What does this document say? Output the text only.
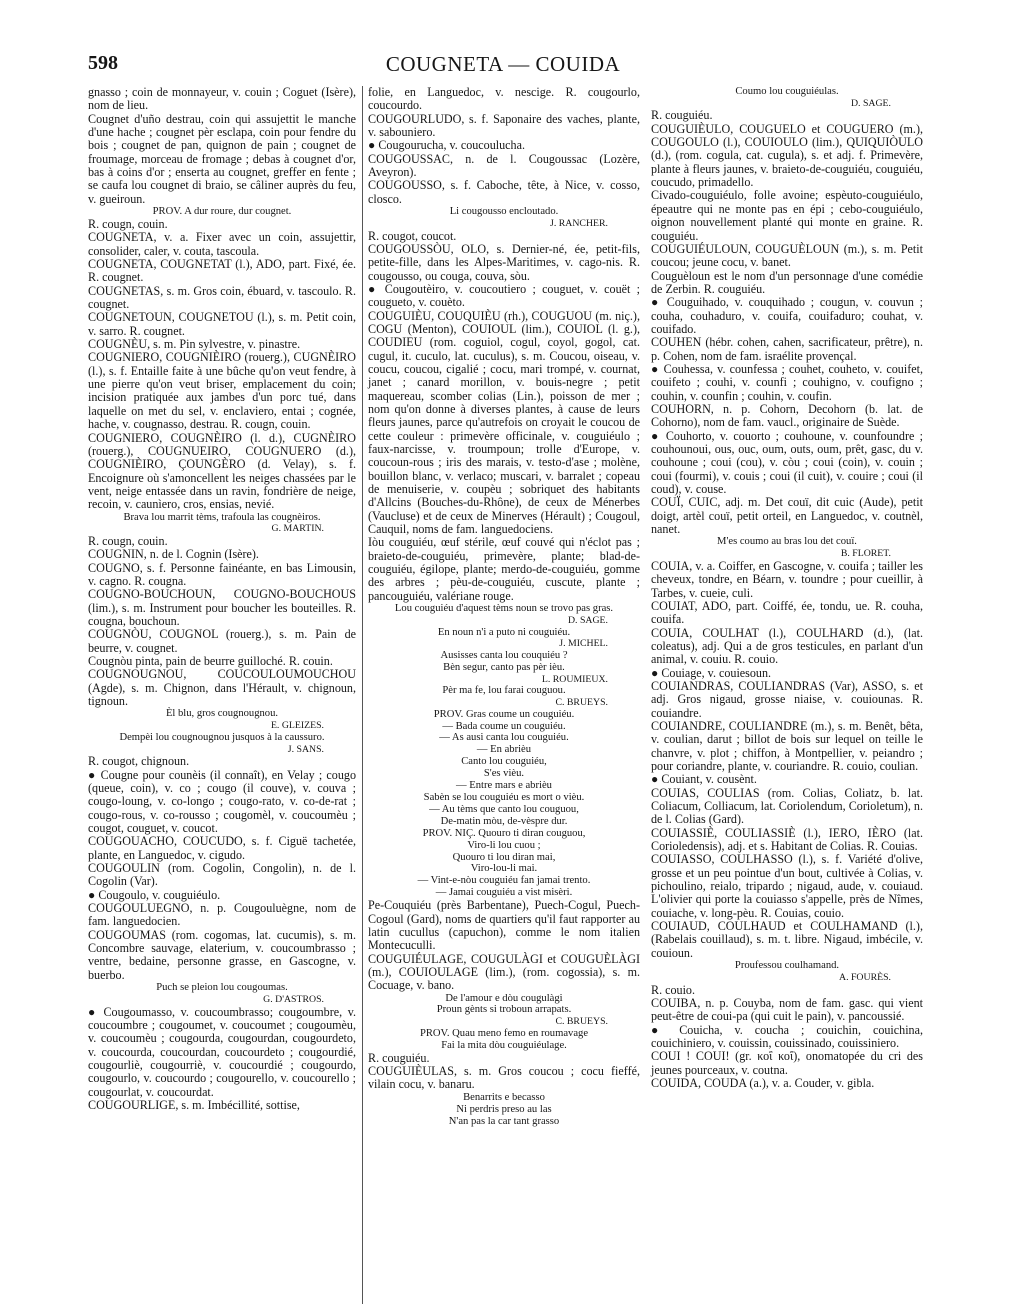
598	COUGNETA — COUIDA
gnasso ; coin de monnayeur, v. couin ; Coguet (Isère), nom de lieu.
Cougnet d'uño destrau, coin qui assujettit le manche d'une hache ; cougnet pèr esclapa, coin pour fendre du bois ; cougnet de pan, quignon de pain ; cougnet de froumage, morceau de fromage ; debas à cougnet d'or, bas à coins d'or ; enserta au cougnet, greffer en fente ; se caufa lou cougnet di braio, se câliner auprès du feu, v. gueiroun.
PROV. A dur roure, dur cougnet.
R. cougn, couin.
COUGNETA, v. a. Fixer avec un coin, assujettir, consolider, caler, v. couta, tascoula.
COUGNETA, COUGNETAT (l.), ADO, part. Fixé, ée. R. cougnet.
COUGNETAS, s. m. Gros coin, ébuard, v. tascoulo. R. cougnet.
COUGNETOUN, COUGNETOU (l.), s. m. Petit coin, v. sarro. R. cougnet.
COUGNÈU, s. m. Pin sylvestre, v. pinastre.
COUGNIERO, COUGNIÈIRO (rouerg.), CUGNÈIRO (l.), s. f. Entaille faite à une bûche qu'on veut fendre, à une pierre qu'on veut briser, emplacement du coin; incision pratiquée aux jambes d'un porc tué, dans laquelle on met du sel, v. enclaviero, entai ; cognée, hache, v. cougnasso, destrau. R. cougn, couin.
COUGNIERO, COUGNÈIRO (l. d.), CUGNÈIRO (rouerg.), COUGNUEIRO, COUGNUERO (d.), COUGNIÈIRO, ÇOUNGÈRO (d. Velay), s. f. Encoignure où s'amoncellent les neiges chassées par le vent, neige entassée dans un ravin, fondrière de neige, recoin, v. caunìero, cros, ensias, nevié.
Brava lou marrit tèms, trafoula las cougnèiros.
G. MARTIN.
R. cougn, couin.
COUGNIN, n. de l. Cognin (Isère).
COUGNO, s. f. Personne fainéante, en bas Limousin, v. cagno. R. cougna.
COUGNO-BOUCHOUN, COUGNO-BOUCHOUS (lim.), s. m. Instrument pour boucher les bouteilles. R. cougna, bouchoun.
COUGNÒU, COUGNOL (rouerg.), s. m. Pain de beurre, v. cougnet.
Cougnòu pinta, pain de beurre guilloché. R. couin.
COUGNOUGNOU, COUCOULOUMOUCHOU (Agde), s. m. Chignon, dans l'Hérault, v. chignoun, tignoun.
Èl blu, gros cougnougnou.
E. GLEIZES.
Dempèi lou cougnougnou jusquos à la caussuro.
J. SANS.
R. cougot, chignoun.
● Cougne pour counèis (il connaît), en Velay ; cougo (queue, coin), v. co ; cougo (il couve), v. couva ; cougo-loung, v. co-longo ; cougo-rato, v. co-de-rat ; cougo-rous, v. co-rousso ; cougomèl, v. coucoumèu ; cougot, couguet, v. coucot.
COUGOUACHO, COUCUDO, s. f. Ciguë tachetée, plante, en Languedoc, v. cigudo.
COUGOULIN (rom. Cogolin, Congolin), n. de l. Cogolin (Var).
● Cougoulo, v. couguiéulo.
COUGOULUEGNO, n. p. Cougouluègne, nom de fam. languedocien.
COUGOUMAS (rom. cogomas, lat. cucumis), s. m. Concombre sauvage, elaterium, v. coucoumbrasso ; ventre, bedaine, personne grasse, en Gascogne, v. buerbo.
Puch se pleion lou cougoumas.
G. D'ASTROS.
● Cougoumasso, v. coucoumbrasso; cougoumbre, v. coucoumbre ; cougoumet, v. coucoumet ; cougoumèu, v. coucoumèu ; cougourda, cougourdan, cougourdeto, v. coucourda, coucourdan, coucourdeto ; cougourdié, cougourliè, cougourriè, v. coucourdié ; cougourdo, cougourlo, v. coucourdo ; cougourello, v. coucourello ; cougourlat, v. coucourdat.
COUGOURLIGE, s. m. Imbécillité, sottise,
folie, en Languedoc, v. nescige. R. cougourlo, coucourdo.
COUGOURLUDO, s. f. Saponaire des vaches, plante, v. sabouniero.
● Cougourucha, v. coucoulucha.
COUGOUSSAC, n. de l. Cougoussac (Lozère, Aveyron).
COUGOUSSO, s. f. Caboche, tête, à Nice, v. cosso, closco.
Li cougousso encloutado.
J. RANCHER.
R. cougot, coucot.
COUGOUSSÒU, OLO, s. Dernier-né, ée, petit-fils, petite-fille, dans les Alpes-Maritimes, v. cago-nis. R. cougousso, ou couga, couva, sòu.
● Cougoutèiro, v. coucoutiero ; couguet, v. couët ; cougueto, v. couèto.
COUGUIÈU, COUQUIÈU (rh.), COUGUOU (m. niç.), COGU (Menton), COUIOUL (lim.), COUIOL (l. g.), COUDIEU (rom. coguiol, cogul, coyol, gogol, cat. cugul, it. cuculo, lat. cuculus), s. m. Coucou, oiseau, v. coucu, coucou, cigalié ; cocu, mari trompé, v. cournat, janet ; canard morillon, v. bouis-negre ; petit maquereau, scomber colias (Lin.), poisson de mer ; nom qu'on donne à diverses plantes, à cause de leurs fleurs jaunes, parce qu'autrefois on croyait le coucou de cette couleur : primevère officinale, v. couguiéulo ; faux-narcisse, v. troumpoun; trolle d'Europe, v. coucoun-rous ; iris des marais, v. testo-d'ase ; molène, bouillon blanc, v. verlaco; muscari, v. barralet ; copeau de menuiserie, v. coupèu ; sobriquet des habitants d'Allcins (Bouches-du-Rhône), de ceux de Ménerbes (Vaucluse) et de ceux de Minerves (Hérault) ; Cougoul, Cauquil, noms de fam. languedociens.
Iòu couguiéu, œuf stérile, œuf couvé qui n'éclot pas ; braieto-de-couguiéu, primevère, plante; blad-de-couguiéu, égilope, plante; merdo-de-couguiéu, gomme des arbres ; pèu-de-couguiéu, cuscute, plante ; pancouguiéu, valériane rouge.
Lou couguiéu d'aquest tèms noun se trovo pas gras.
D. SAGE.
En noun n'i a puto ni couguiéu.
J. MICHEL.
Ausisses canta lou couquiéu ?
Bèn segur, canto pas pèr ièu.
L. ROUMIEUX.
Pèr ma fe, lou farai couguou.
C. BRUEYS.
PROV. Gras coume un couguiéu.
— Bada coume un couguiéu.
— As ausi canta lou couguiéu.
— En abrièu
Canto lou couguiéu,
S'es vièu.
— Entre mars e abrièu
Sabèn se lou couguiéu es mort o vièu.
— Au tèms que canto lou couguou,
De-matin mòu, de-vèspre dur.
PROV. NIÇ. Quouro ti diran couguou,
Viro-li lou cuou ;
Quouro ti lou diran mai,
Viro-lou-li mai.
— Vint-e-nòu couguiéu fan jamai trento.
— Jamai couguiéu a vist misèri.
Pe-Couquiéu (près Barbentane), Puech-Cogul, Puech-Cogoul (Gard), noms de quartiers qu'il faut rapporter au latin cucullus (capuchon), comme le nom italien Montecuculli.
COUGUIÉULAGE, COUGULÀGI et COUGUÈLÀGI (m.), COUIOULAGE (lim.), (rom. cogossia), s. m. Cocuage, v. bano.
De l'amour e dòu cougulàgi
Proun gènts si troboun arrapats.
C. BRUEYS.
PROV. Quau meno femo en roumavage
Fai la mita dòu couguiéulage.
R. couguiéu.
COUGUIÈULAS, s. m. Gros coucou ; cocu fieffé, vilain cocu, v. banaru.
Benarrits e becasso
Ni perdris preso au las
N'an pas la car tant grasso
Coumo lou couguiéulas.
D. SAGE.
R. couguiéu.
COUGUIÈULO, COUGUELO et COUGUERO (m.), COUGOULO (l.), COUIOULO (lim.), QUIQUIÒULO (d.), (rom. cogula, cat. cugula), s. et adj. f. Primevère, plante à fleurs jaunes, v. braieto-de-couguiéu, couguiéu, coucudo, primadello.
Civado-couguiéulo, folle avoine; espèuto-couguiéulo, épeautre qui ne monte pas en épi ; cebo-couguiéulo, oignon nouvellement planté qui monte en graine. R. couguiéu.
COUGUIÉULOUN, COUGUÈLOUN (m.), s. m. Petit coucou; jeune cocu, v. banet.
Couguèloun est le nom d'un personnage d'une comédie de Zerbin. R. couguiéu.
● Couguihado, v. couquihado ; cougun, v. couvun ; couha, couhaduro, v. couifa, couifaduro; couhat, v. couifado.
COUHEN (hébr. cohen, cahen, sacrificateur, prêtre), n. p. Cohen, nom de fam. israélite provençal.
● Couhessa, v. counfessa ; couhet, couheto, v. couifet, couifeto ; couhi, v. counfi ; couhigno, v. coufigno ; couhin, v. counfin ; couhin, v. coufin.
COUHORN, n. p. Cohorn, Decohorn (b. lat. de Cohorno), nom de fam. vaucl., originaire de Suède.
● Couhorto, v. couorto ; couhoune, v. counfoundre ; couhounoui, ous, ouc, oum, outs, oum, prêt, gasc, du v. couhoune ; coui (cou), v. còu ; coui (coin), v. couin ; coui (fourmi), v. couis ; coui (il cuit), v. couire ; coui (il coud), v. couse.
COUÏ, CUIC, adj. m. Det couï, dit cuic (Aude), petit doigt, artèl couï, petit orteil, en Languedoc, v. coutnèl, nanet.
M'es coumo au bras lou det couï.
B. FLORET.
COUIA, v. a. Coiffer, en Gascogne, v. couifa ; tailler les cheveux, tondre, en Béarn, v. toundre ; pour cueillir, à Tarbes, v. cueie, culi.
COUIAT, ADO, part. Coiffé, ée, tondu, ue. R. couha, couifa.
COUIA, COULHAT (l.), COULHARD (d.), (lat. coleatus), adj. Qui a de gros testicules, en parlant d'un animal, v. couiu. R. couio.
● Couiage, v. couiesoun.
COUIANDRAS, COULIANDRAS (Var), ASSO, s. et adj. Gros nigaud, grosse niaise, v. couiounas. R. couiandre.
COUIANDRE, COULIANDRE (m.), s. m. Benêt, bêta, v. coulian, darut ; billot de bois sur lequel on teille le chanvre, v. plot ; chiffon, à Montpellier, v. peiandro ; pour coriandre, plante, v. couriandre. R. couio, coulian.
● Couiant, v. cousènt.
COUIAS, COULIAS (rom. Colias, Coliatz, b. lat. Coliacum, Colliacum, lat. Coriolendum, Corioletum), n. de l. Colias (Gard).
COUIASSIÈ, COULIASSIÈ (l.), IERO, IÈRO (lat. Corioledensis), adj. et s. Habitant de Colias. R. Couias.
COUIASSO, COULHASSO (l.), s. f. Variété d'olive, grosse et un peu pointue d'un bout, cultivée à Colias, v. pichoulino, reialo, tripardo ; nigaud, aude, v. couiaud. L'olivier qui porte la couiasso s'appelle, près de Nîmes, couiache, v. long-pèu. R. Couias, couio.
COUIAUD, COULHAUD et COULHAMAND (l.), (Rabelais couillaud), s. m. t. libre. Nigaud, imbécile, v. couioun.
Proufessou coulhamand.
A. FOURÈS.
R. couio.
COUIBA, n. p. Couyba, nom de fam. gasc. qui vient peut-être de coui-pa (qui cuit le pain), v. pancoussié.
● Couicha, v. coucha ; couichin, couichina, couichiniero, v. couissin, couissinado, couissiniero.
COUI ! COUI! (gr. κοΐ κοΐ), onomatopée du cri des jeunes pourceaux, v. coutna.
COUIDA, COUDA (a.), v. a. Couder, v. gibla.
